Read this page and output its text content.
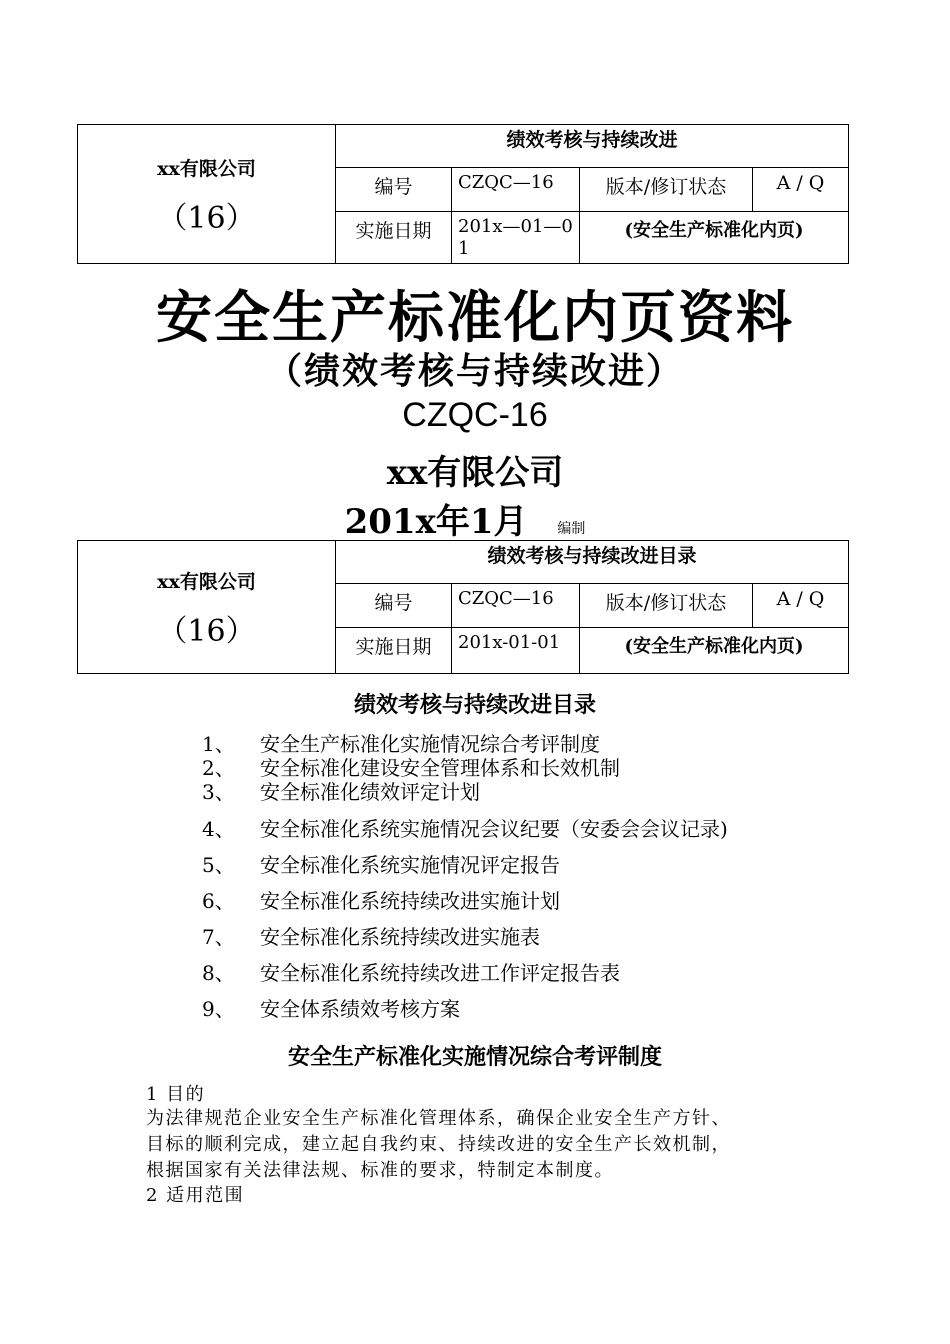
xx有限公司
（16）	绩效考核与持续改进			
	编号	CZQC—16	版本/修订状态	A / Q
	实施日期	201x—01—01	(安全生产标准化内页)	
安全生产标准化内页资料
（绩效考核与持续改进）
CZQC-16
xx有限公司
201x年1月 编制
xx有限公司
（16）	绩效考核与持续改进目录			
	编号	CZQC—16	版本/修订状态	A / Q
	实施日期	201x-01-01	(安全生产标准化内页)	
绩效考核与持续改进目录
1、 安全生产标准化实施情况综合考评制度
2、 安全标准化建设安全管理体系和长效机制
3、 安全标准化绩效评定计划
4、 安全标准化系统实施情况会议纪要（安委会会议记录)
5、 安全标准化系统实施情况评定报告
6、 安全标准化系统持续改进实施计划
7、 安全标准化系统持续改进实施表
8、 安全标准化系统持续改进工作评定报告表
9、 安全体系绩效考核方案
安全生产标准化实施情况综合考评制度
1 目的
为法律规范企业安全生产标准化管理体系，确保企业安全生产方针、
目标的顺利完成，建立起自我约束、持续改进的安全生产长效机制，
根据国家有关法律法规、标准的要求，特制定本制度。
2 适用范围
